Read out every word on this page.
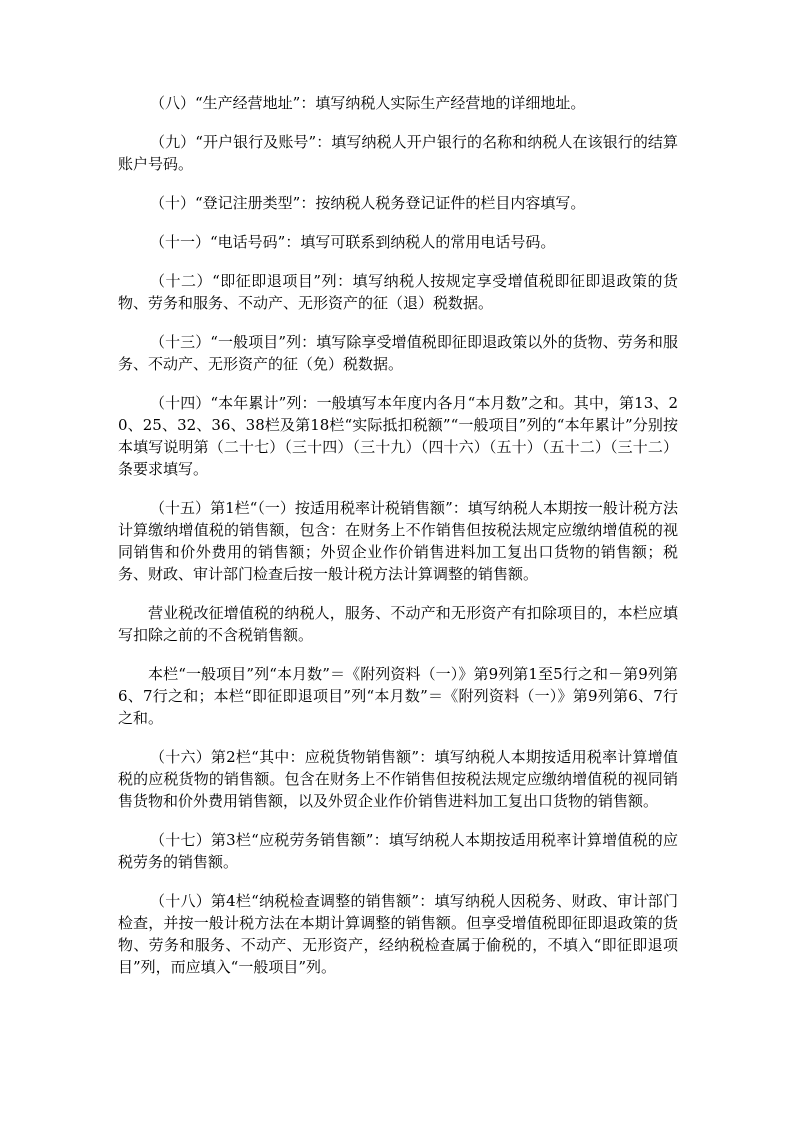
（八）“生产经营地址”：填写纳税人实际生产经营地的详细地址。

（九）“开户银行及账号”：填写纳税人开户银行的名称和纳税人在该银行的结算账户号码。

（十）“登记注册类型”：按纳税人税务登记证件的栏目内容填写。

（十一）“电话号码”：填写可联系到纳税人的常用电话号码。

（十二）“即征即退项目”列：填写纳税人按规定享受增值税即征即退政策的货物、劳务和服务、不动产、无形资产的征（退）税数据。

（十三）“一般项目”列：填写除享受增值税即征即退政策以外的货物、劳务和服务、不动产、无形资产的征（免）税数据。

（十四）“本年累计”列：一般填写本年度内各月“本月数”之和。其中，第13、20、25、32、36、38栏及第18栏“实际抵扣税额”“一般项目”列的“本年累计”分别按本填写说明第（二十七）（三十四）（三十九）（四十六）（五十）（五十二）（三十二）条要求填写。

（十五）第1栏“（一）按适用税率计税销售额”：填写纳税人本期按一般计税方法计算缴纳增值税的销售额，包含：在财务上不作销售但按税法规定应缴纳增值税的视同销售和价外费用的销售额；外贸企业作价销售进料加工复出口货物的销售额；税务、财政、审计部门检查后按一般计税方法计算调整的销售额。

营业税改征增值税的纳税人，服务、不动产和无形资产有扣除项目的，本栏应填写扣除之前的不含税销售额。

本栏“一般项目”列“本月数”＝《附列资料（一）》第9列第1至5行之和－第9列第6、7行之和；本栏“即征即退项目”列“本月数”＝《附列资料（一）》第9列第6、7行之和。

（十六）第2栏“其中：应税货物销售额”：填写纳税人本期按适用税率计算增值税的应税货物的销售额。包含在财务上不作销售但按税法规定应缴纳增值税的视同销售货物和价外费用销售额，以及外贸企业作价销售进料加工复出口货物的销售额。

（十七）第3栏“应税劳务销售额”：填写纳税人本期按适用税率计算增值税的应税劳务的销售额。

（十八）第4栏“纳税检查调整的销售额”：填写纳税人因税务、财政、审计部门检查，并按一般计税方法在本期计算调整的销售额。但享受增值税即征即退政策的货物、劳务和服务、不动产、无形资产，经纳税检查属于偷税的，不填入“即征即退项目”列，而应填入“一般项目”列。
